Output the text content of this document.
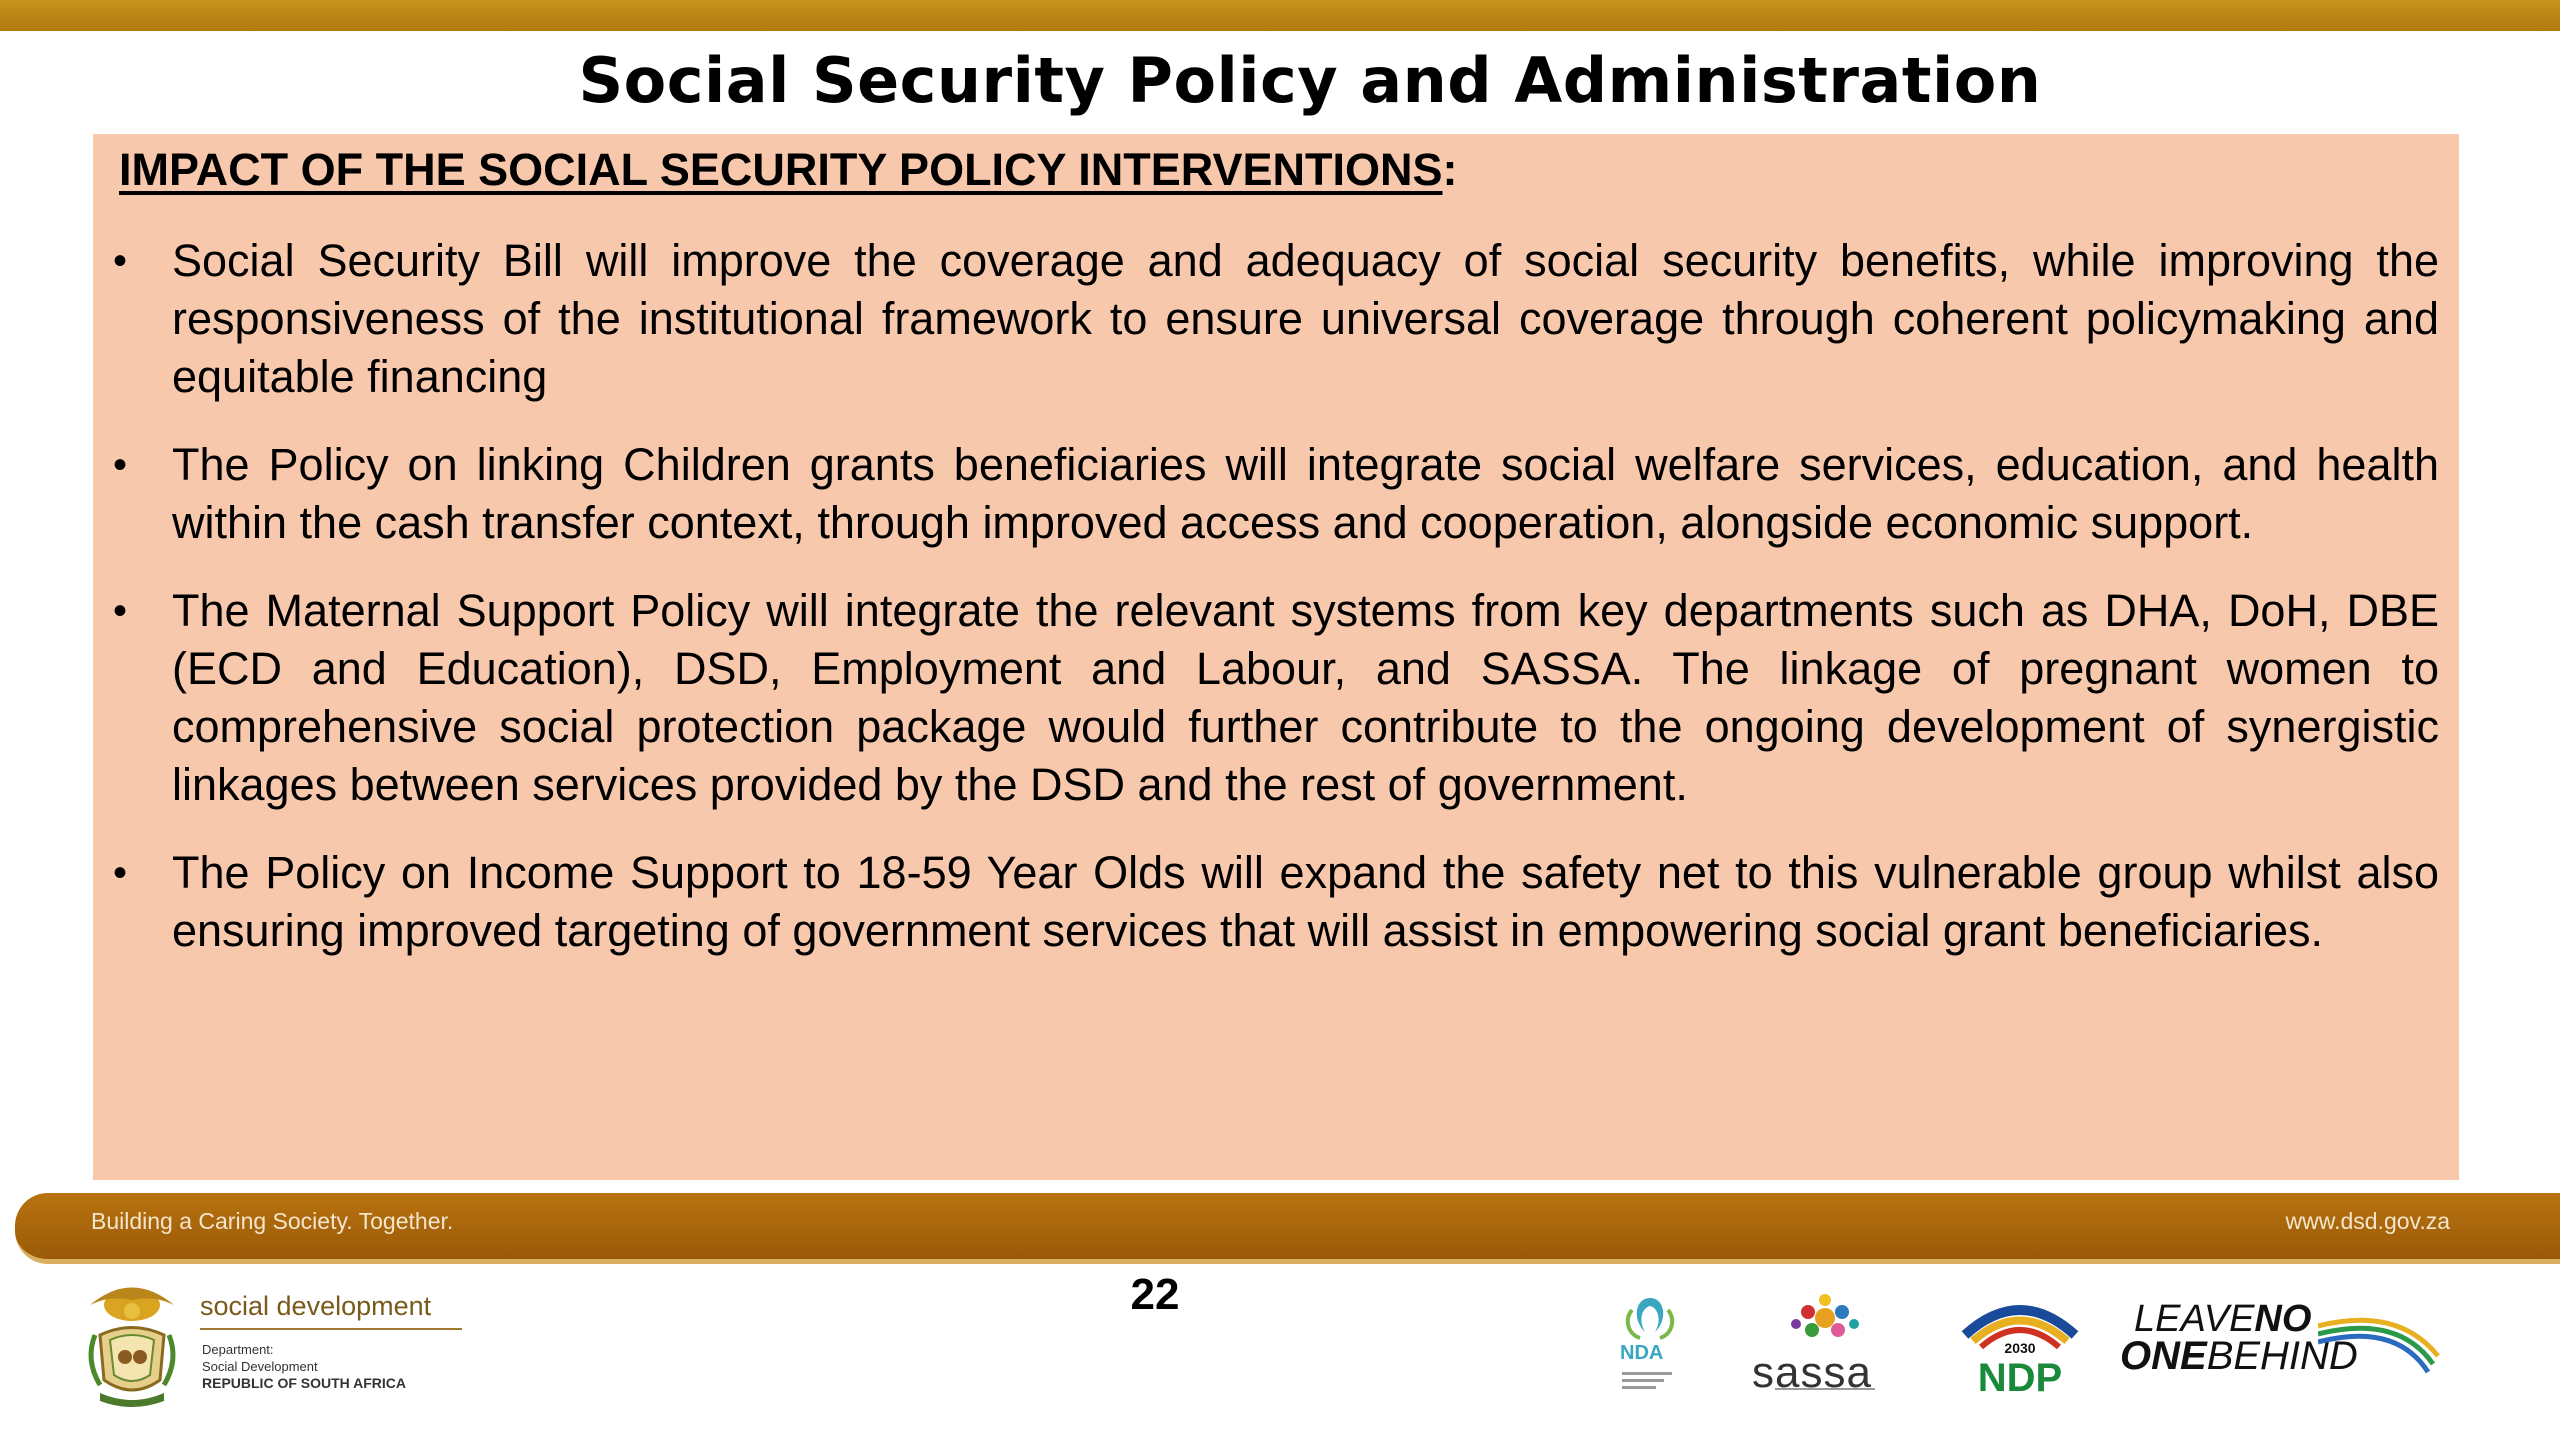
Social Security Policy and Administration
IMPACT OF THE SOCIAL SECURITY POLICY INTERVENTIONS:
• Social Security Bill will improve the coverage and adequacy of social security benefits, while improving the responsiveness of the institutional framework to ensure universal coverage through coherent policymaking and equitable financing
• The Policy on linking Children grants beneficiaries will integrate social welfare services, education, and health within the cash transfer context, through improved access and cooperation, alongside economic support.
• The Maternal Support Policy will integrate the relevant systems from key departments such as DHA, DoH, DBE (ECD and Education), DSD, Employment and Labour, and SASSA. The linkage of pregnant women to comprehensive social protection package would further contribute to the ongoing development of synergistic linkages between services provided by the DSD and the rest of government.
• The Policy on Income Support to 18-59 Year Olds will expand the safety net to this vulnerable group whilst also ensuring improved targeting of government services that will assist in empowering social grant beneficiaries.
Building a Caring Society. Together.	www.dsd.gov.za
22
social development
Department:
Social Development
REPUBLIC OF SOUTH AFRICA
NDA sassa	2030
NDP
LEAVENO
ONEBEHIND
